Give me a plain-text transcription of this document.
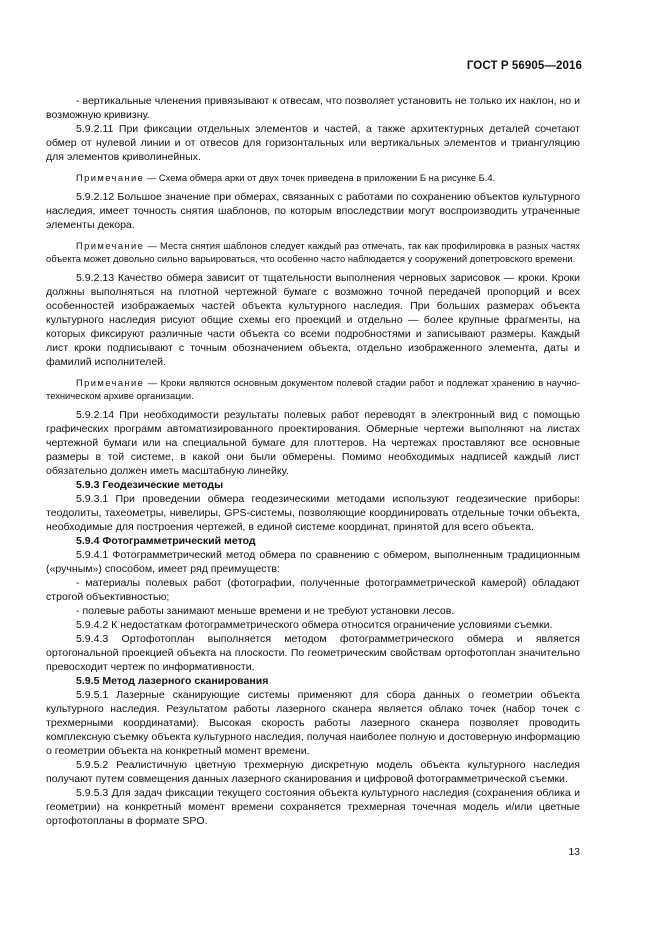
ГОСТ Р 56905—2016
- вертикальные членения привязывают к отвесам, что позволяет установить не только их наклон, но и возможную кривизну.
5.9.2.11 При фиксации отдельных элементов и частей, а также архитектурных деталей сочетают обмер от нулевой линии и от отвесов для горизонтальных или вертикальных элементов и триангуляцию для элементов криволинейных.
Примечание — Схема обмера арки от двух точек приведена в приложении Б на рисунке Б.4.
5.9.2.12 Большое значение при обмерах, связанных с работами по сохранению объектов культурного наследия, имеет точность снятия шаблонов, по которым впоследствии могут воспроизводить утраченные элементы декора.
Примечание — Места снятия шаблонов следует каждый раз отмечать, так как профилировка в разных частях объекта может довольно сильно варьироваться, что особенно часто наблюдается у сооружений допетровского времени.
5.9.2.13 Качество обмера зависит от тщательности выполнения черновых зарисовок — кроки. Кроки должны выполняться на плотной чертежной бумаге с возможно точной передачей пропорций и всех особенностей изображаемых частей объекта культурного наследия. При больших размерах объекта культурного наследия рисуют общие схемы его проекций и отдельно — более крупные фрагменты, на которых фиксируют различные части объекта со всеми подробностями и записывают размеры. Каждый лист кроки подписывают с точным обозначением объекта, отдельно изображенного элемента, даты и фамилий исполнителей.
Примечание — Кроки являются основным документом полевой стадии работ и подлежат хранению в научно-техническом архиве организации.
5.9.2.14 При необходимости результаты полевых работ переводят в электронный вид с помощью графических программ автоматизированного проектирования. Обмерные чертежи выполняют на листах чертежной бумаги или на специальной бумаге для плоттеров. На чертежах проставляют все основные размеры в той системе, в какой они были обмерены. Помимо необходимых надписей каждый лист обязательно должен иметь масштабную линейку.
5.9.3 Геодезические методы
5.9.3.1 При проведении обмера геодезическими методами используют геодезические приборы: теодолиты, тахеометры, нивелиры, GPS-системы, позволяющие координировать отдельные точки объекта, необходимые для построения чертежей, в единой системе координат, принятой для всего объекта.
5.9.4 Фотограмметрический метод
5.9.4.1 Фотограмметрический метод обмера по сравнению с обмером, выполненным традиционным («ручным») способом, имеет ряд преимуществ:
- материалы полевых работ (фотографии, полученные фотограмметрической камерой) обладают строгой объективностью;
- полевые работы занимают меньше времени и не требуют установки лесов.
5.9.4.2 К недостаткам фотограмметрического обмера относится ограничение условиями съемки.
5.9.4.3 Ортофотоплан выполняется методом фотограмметрического обмера и является ортогональной проекцией объекта на плоскости. По геометрическим свойствам ортофотоплан значительно превосходит чертеж по информативности.
5.9.5 Метод лазерного сканирования
5.9.5.1 Лазерные сканирующие системы применяют для сбора данных о геометрии объекта культурного наследия. Результатом работы лазерного сканера является облако точек (набор точек с трехмерными координатами). Высокая скорость работы лазерного сканера позволяет проводить комплексную съемку объекта культурного наследия, получая наиболее полную и достоверную информацию о геометрии объекта на конкретный момент времени.
5.9.5.2 Реалистичную цветную трехмерную дискретную модель объекта культурного наследия получают путем совмещения данных лазерного сканирования и цифровой фотограмметрической съемки.
5.9.5.3 Для задач фиксации текущего состояния объекта культурного наследия (сохранения облика и геометрии) на конкретный момент времени сохраняется трехмерная точечная модель и/или цветные ортофотопланы в формате SPO.
13
